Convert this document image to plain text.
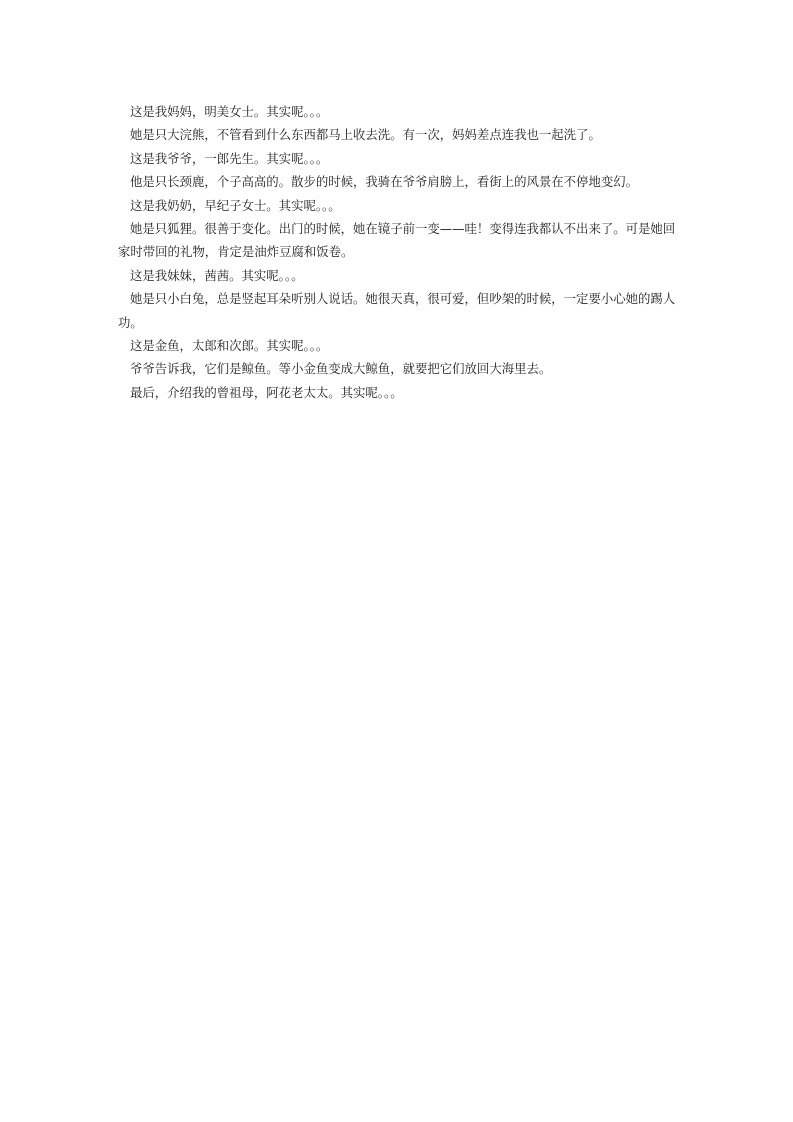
这是我妈妈，明美女士。其实呢。。。

她是只大浣熊，不管看到什么东西都马上收去洗。有一次，妈妈差点连我也一起洗了。

这是我爷爷，一郎先生。其实呢。。。

他是只长颈鹿，个子高高的。散步的时候，我骑在爷爷肩膀上，看街上的风景在不停地变幻。

这是我奶奶，早纪子女士。其实呢。。。

她是只狐狸。很善于变化。出门的时候，她在镜子前一变——哇！变得连我都认不出来了。可是她回家时带回的礼物，肯定是油炸豆腐和饭卷。

这是我妹妹，茜茜。其实呢。。。

她是只小白兔，总是竖起耳朵听别人说话。她很天真，很可爱，但吵架的时候，一定要小心她的踢人功。

这是金鱼，太郎和次郎。其实呢。。。

爷爷告诉我，它们是鲸鱼。等小金鱼变成大鲸鱼，就要把它们放回大海里去。

最后，介绍我的曾祖母，阿花老太太。其实呢。。。
